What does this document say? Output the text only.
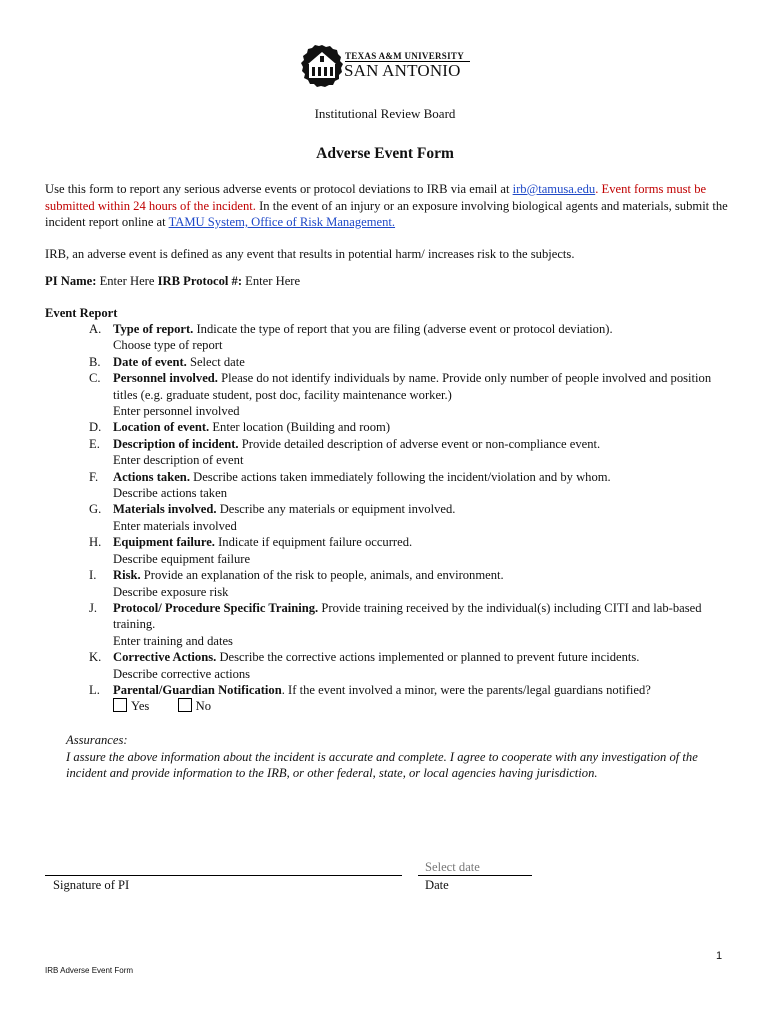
TEXAS A&M UNIVERSITY
SAN ANTONIO
Institutional Review Board
Adverse Event Form
Use this form to report any serious adverse events or protocol deviations to IRB via email at irb@tamusa.edu. Event forms must be submitted within 24 hours of the incident. In the event of an injury or an exposure involving biological agents and materials, submit the incident report online at TAMU System, Office of Risk Management.
IRB, an adverse event is defined as any event that results in potential harm/ increases risk to the subjects.
PI Name: Enter Here IRB Protocol #: Enter Here
Event Report
A. Type of report. Indicate the type of report that you are filing (adverse event or protocol deviation).
Choose type of report
B. Date of event. Select date
C. Personnel involved. Please do not identify individuals by name. Provide only number of people involved and position titles (e.g. graduate student, post doc, facility maintenance worker.)
Enter personnel involved
D. Location of event. Enter location (Building and room)
E. Description of incident. Provide detailed description of adverse event or non-compliance event.
Enter description of event
F. Actions taken. Describe actions taken immediately following the incident/violation and by whom.
Describe actions taken
G. Materials involved. Describe any materials or equipment involved.
Enter materials involved
H. Equipment failure. Indicate if equipment failure occurred.
Describe equipment failure
I. Risk. Provide an explanation of the risk to people, animals, and environment.
Describe exposure risk
J. Protocol/ Procedure Specific Training. Provide training received by the individual(s) including CITI and lab-based training.
Enter training and dates
K. Corrective Actions. Describe the corrective actions implemented or planned to prevent future incidents.
Describe corrective actions
L. Parental/Guardian Notification. If the event involved a minor, were the parents/legal guardians notified?
Yes	No
Assurances:
I assure the above information about the incident is accurate and complete. I agree to cooperate with any investigation of the incident and provide information to the IRB, or other federal, state, or local agencies having jurisdiction.
Select date
Signature of PI	Date
1
IRB Adverse Event Form
